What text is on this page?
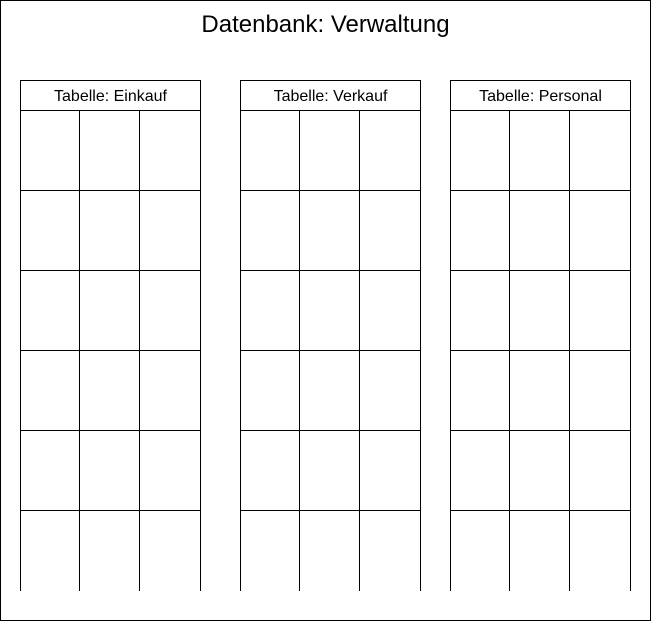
Datenbank: Verwaltung
Tabelle: Einkauf	Tabelle: Verkauf	Tabelle: Personal
